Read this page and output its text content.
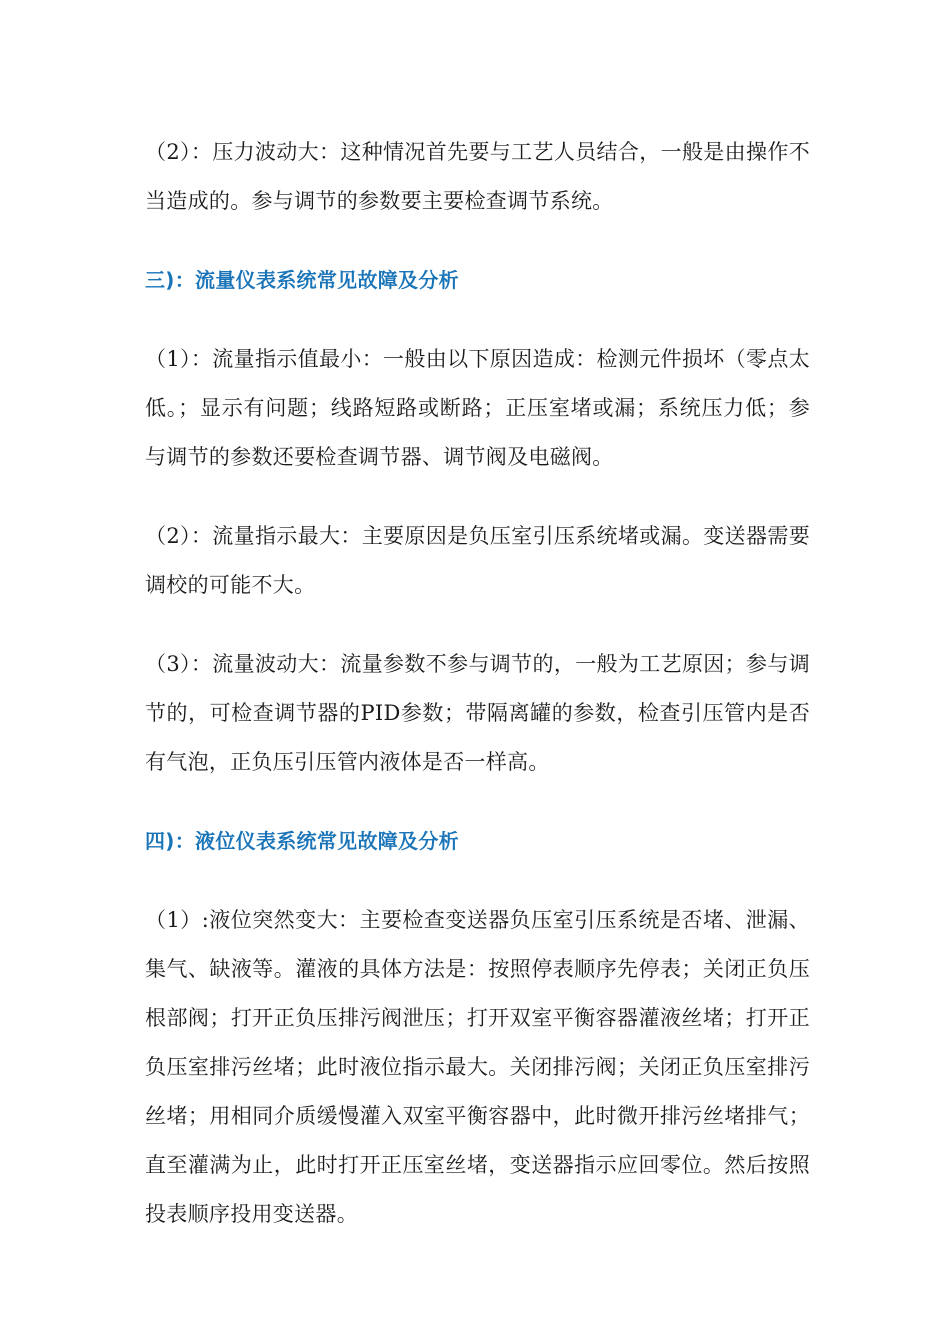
（2）：压力波动大：这种情况首先要与工艺人员结合，一般是由操作不当造成的。参与调节的参数要主要检查调节系统。

三)：流量仪表系统常见故障及分析

（1）：流量指示值最小：一般由以下原因造成：检测元件损坏（零点太低。；显示有问题；线路短路或断路；正压室堵或漏；系统压力低；参与调节的参数还要检查调节器、调节阀及电磁阀。

（2）：流量指示最大：主要原因是负压室引压系统堵或漏。变送器需要调校的可能不大。

（3）：流量波动大：流量参数不参与调节的，一般为工艺原因；参与调节的，可检查调节器的PID参数；带隔离罐的参数，检查引压管内是否有气泡，正负压引压管内液体是否一样高。

四)：液位仪表系统常见故障及分析

（1）:液位突然变大：主要检查变送器负压室引压系统是否堵、泄漏、集气、缺液等。灌液的具体方法是：按照停表顺序先停表；关闭正负压根部阀；打开正负压排污阀泄压；打开双室平衡容器灌液丝堵；打开正负压室排污丝堵；此时液位指示最大。关闭排污阀；关闭正负压室排污丝堵；用相同介质缓慢灌入双室平衡容器中，此时微开排污丝堵排气；直至灌满为止，此时打开正压室丝堵，变送器指示应回零位。然后按照投表顺序投用变送器。
